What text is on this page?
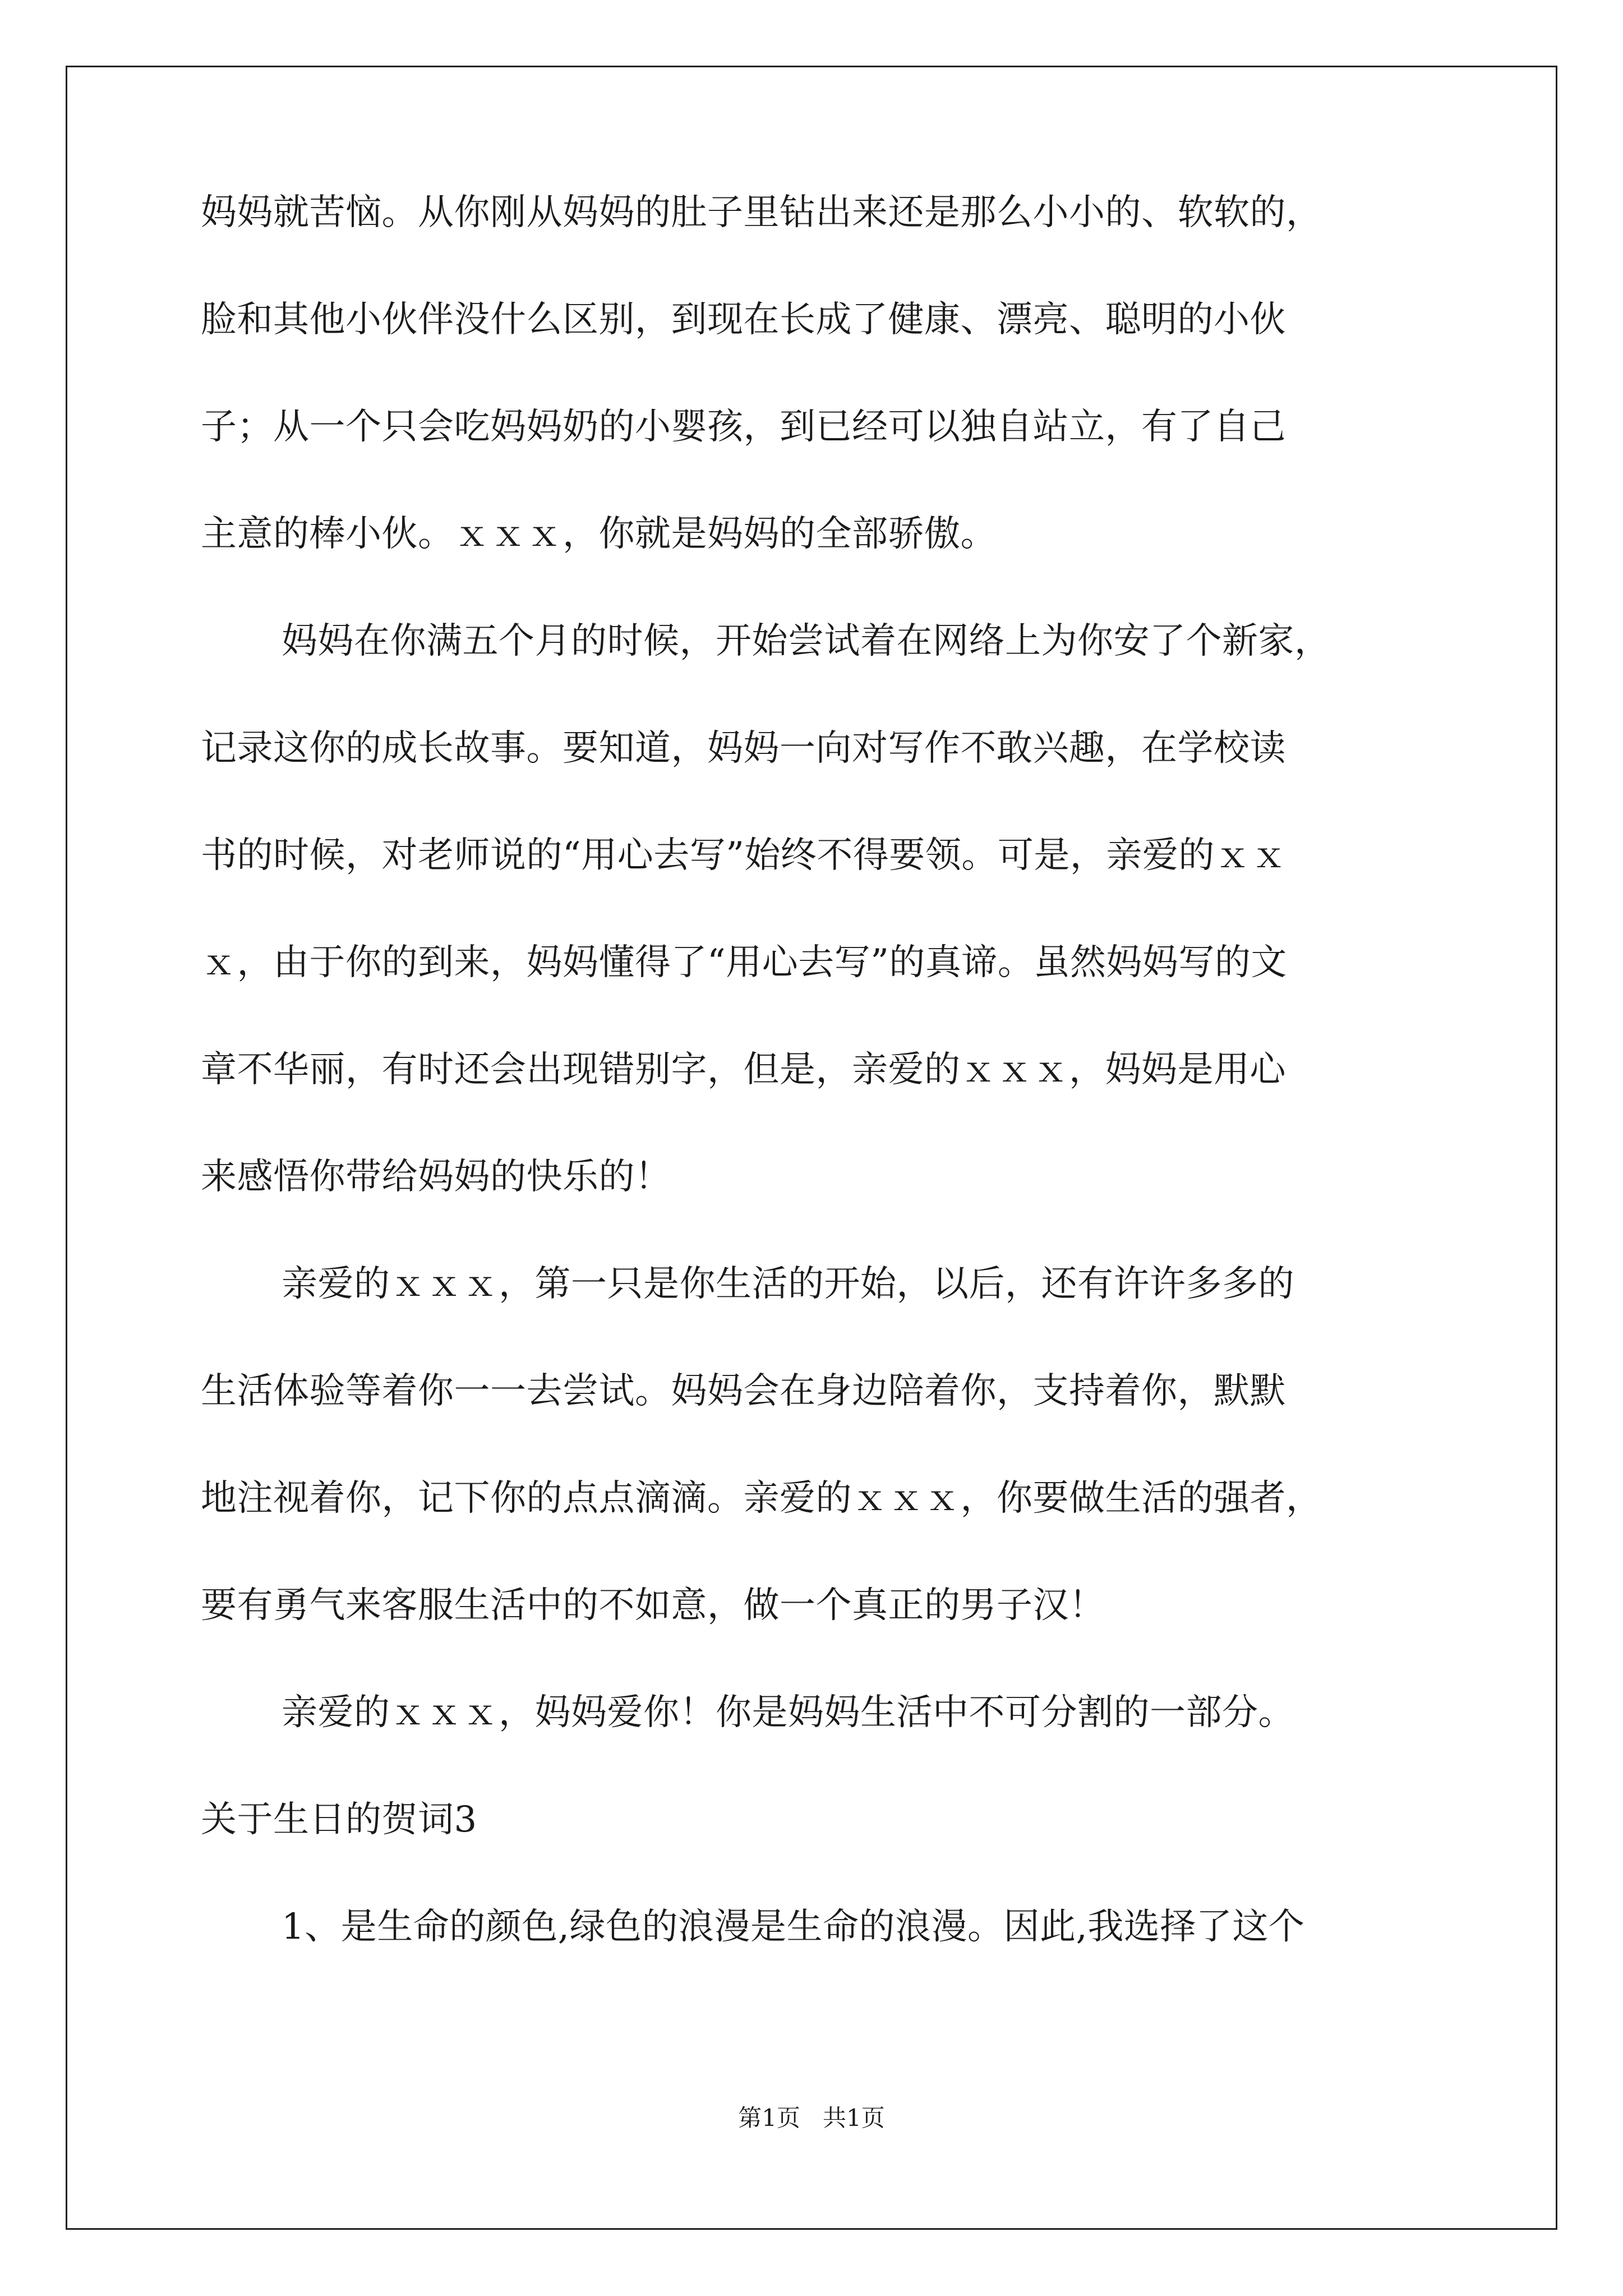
妈妈就苦恼。从你刚从妈妈的肚子里钻出来还是那么小小的、软软的，
脸和其他小伙伴没什么区别，到现在长成了健康、漂亮、聪明的小伙
子；从一个只会吃妈妈奶的小婴孩，到已经可以独自站立，有了自己
主意的棒小伙。ｘｘｘ，你就是妈妈的全部骄傲。
妈妈在你满五个月的时候，开始尝试着在网络上为你安了个新家，
记录这你的成长故事。要知道，妈妈一向对写作不敢兴趣，在学校读
书的时候，对老师说的“用心去写”始终不得要领。可是，亲爱的ｘｘ
ｘ，由于你的到来，妈妈懂得了“用心去写”的真谛。虽然妈妈写的文
章不华丽，有时还会出现错别字，但是，亲爱的ｘｘｘ，妈妈是用心
来感悟你带给妈妈的快乐的！
亲爱的ｘｘｘ，第一只是你生活的开始，以后，还有许许多多的
生活体验等着你一一去尝试。妈妈会在身边陪着你，支持着你，默默
地注视着你，记下你的点点滴滴。亲爱的ｘｘｘ，你要做生活的强者，
要有勇气来客服生活中的不如意，做一个真正的男子汉！
亲爱的ｘｘｘ，妈妈爱你！你是妈妈生活中不可分割的一部分。
关于生日的贺词3
1、是生命的颜色,绿色的浪漫是生命的浪漫。因此,我选择了这个
第1页   共1页
